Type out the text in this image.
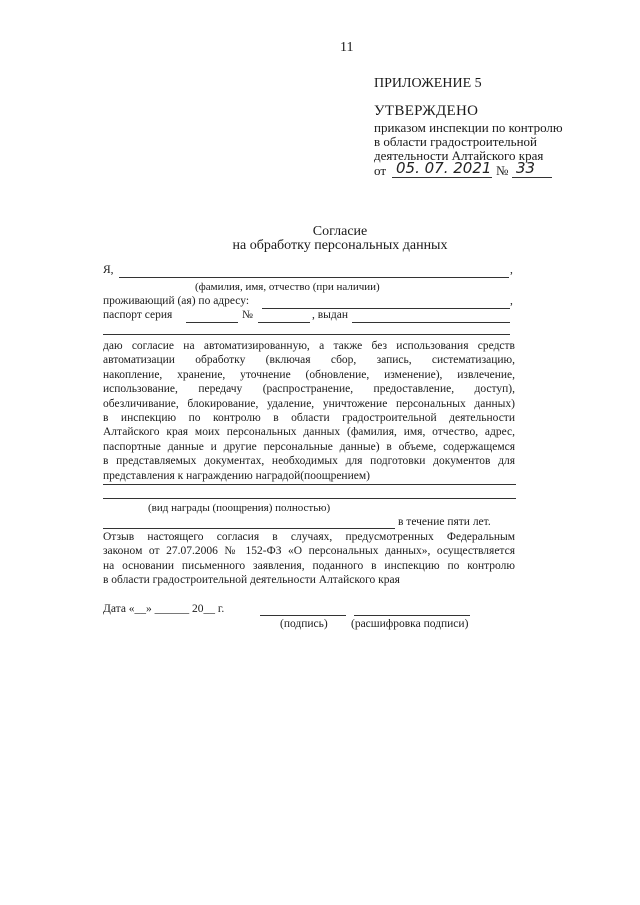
11
ПРИЛОЖЕНИЕ 5
УТВЕРЖДЕНО
приказом инспекции по контролю
в области градостроительной
деятельности Алтайского края
от 05. 07. 2021 № 33
Согласие
на обработку персональных данных
Я,	,
(фамилия, имя, отчество (при наличии)
проживающий (ая) по адресу:	,
паспорт серия	№	, выдан
даю согласие на автоматизированную, а также без использования средств
автоматизации обработку (включая сбор, запись, систематизацию,
накопление, хранение, уточнение (обновление, изменение), извлечение,
использование, передачу (распространение, предоставление, доступ),
обезличивание, блокирование, удаление, уничтожение персональных данных)
в инспекцию по контролю в области градостроительной деятельности
Алтайского края моих персональных данных (фамилия, имя, отчество, адрес,
паспортные данные и другие персональные данные) в объеме, содержащемся
в представляемых документах, необходимых для подготовки документов для
представления к награждению наградой(поощрением)
(вид награды (поощрения) полностью)
в течение пяти лет.
Отзыв настоящего согласия в случаях, предусмотренных Федеральным
законом от 27.07.2006 № 152-ФЗ «О персональных данных», осуществляется
на основании письменного заявления, поданного в инспекцию по контролю
в области градостроительной деятельности Алтайского края
Дата «__» ______ 20__ г.
(подпись) (расшифровка подписи)
